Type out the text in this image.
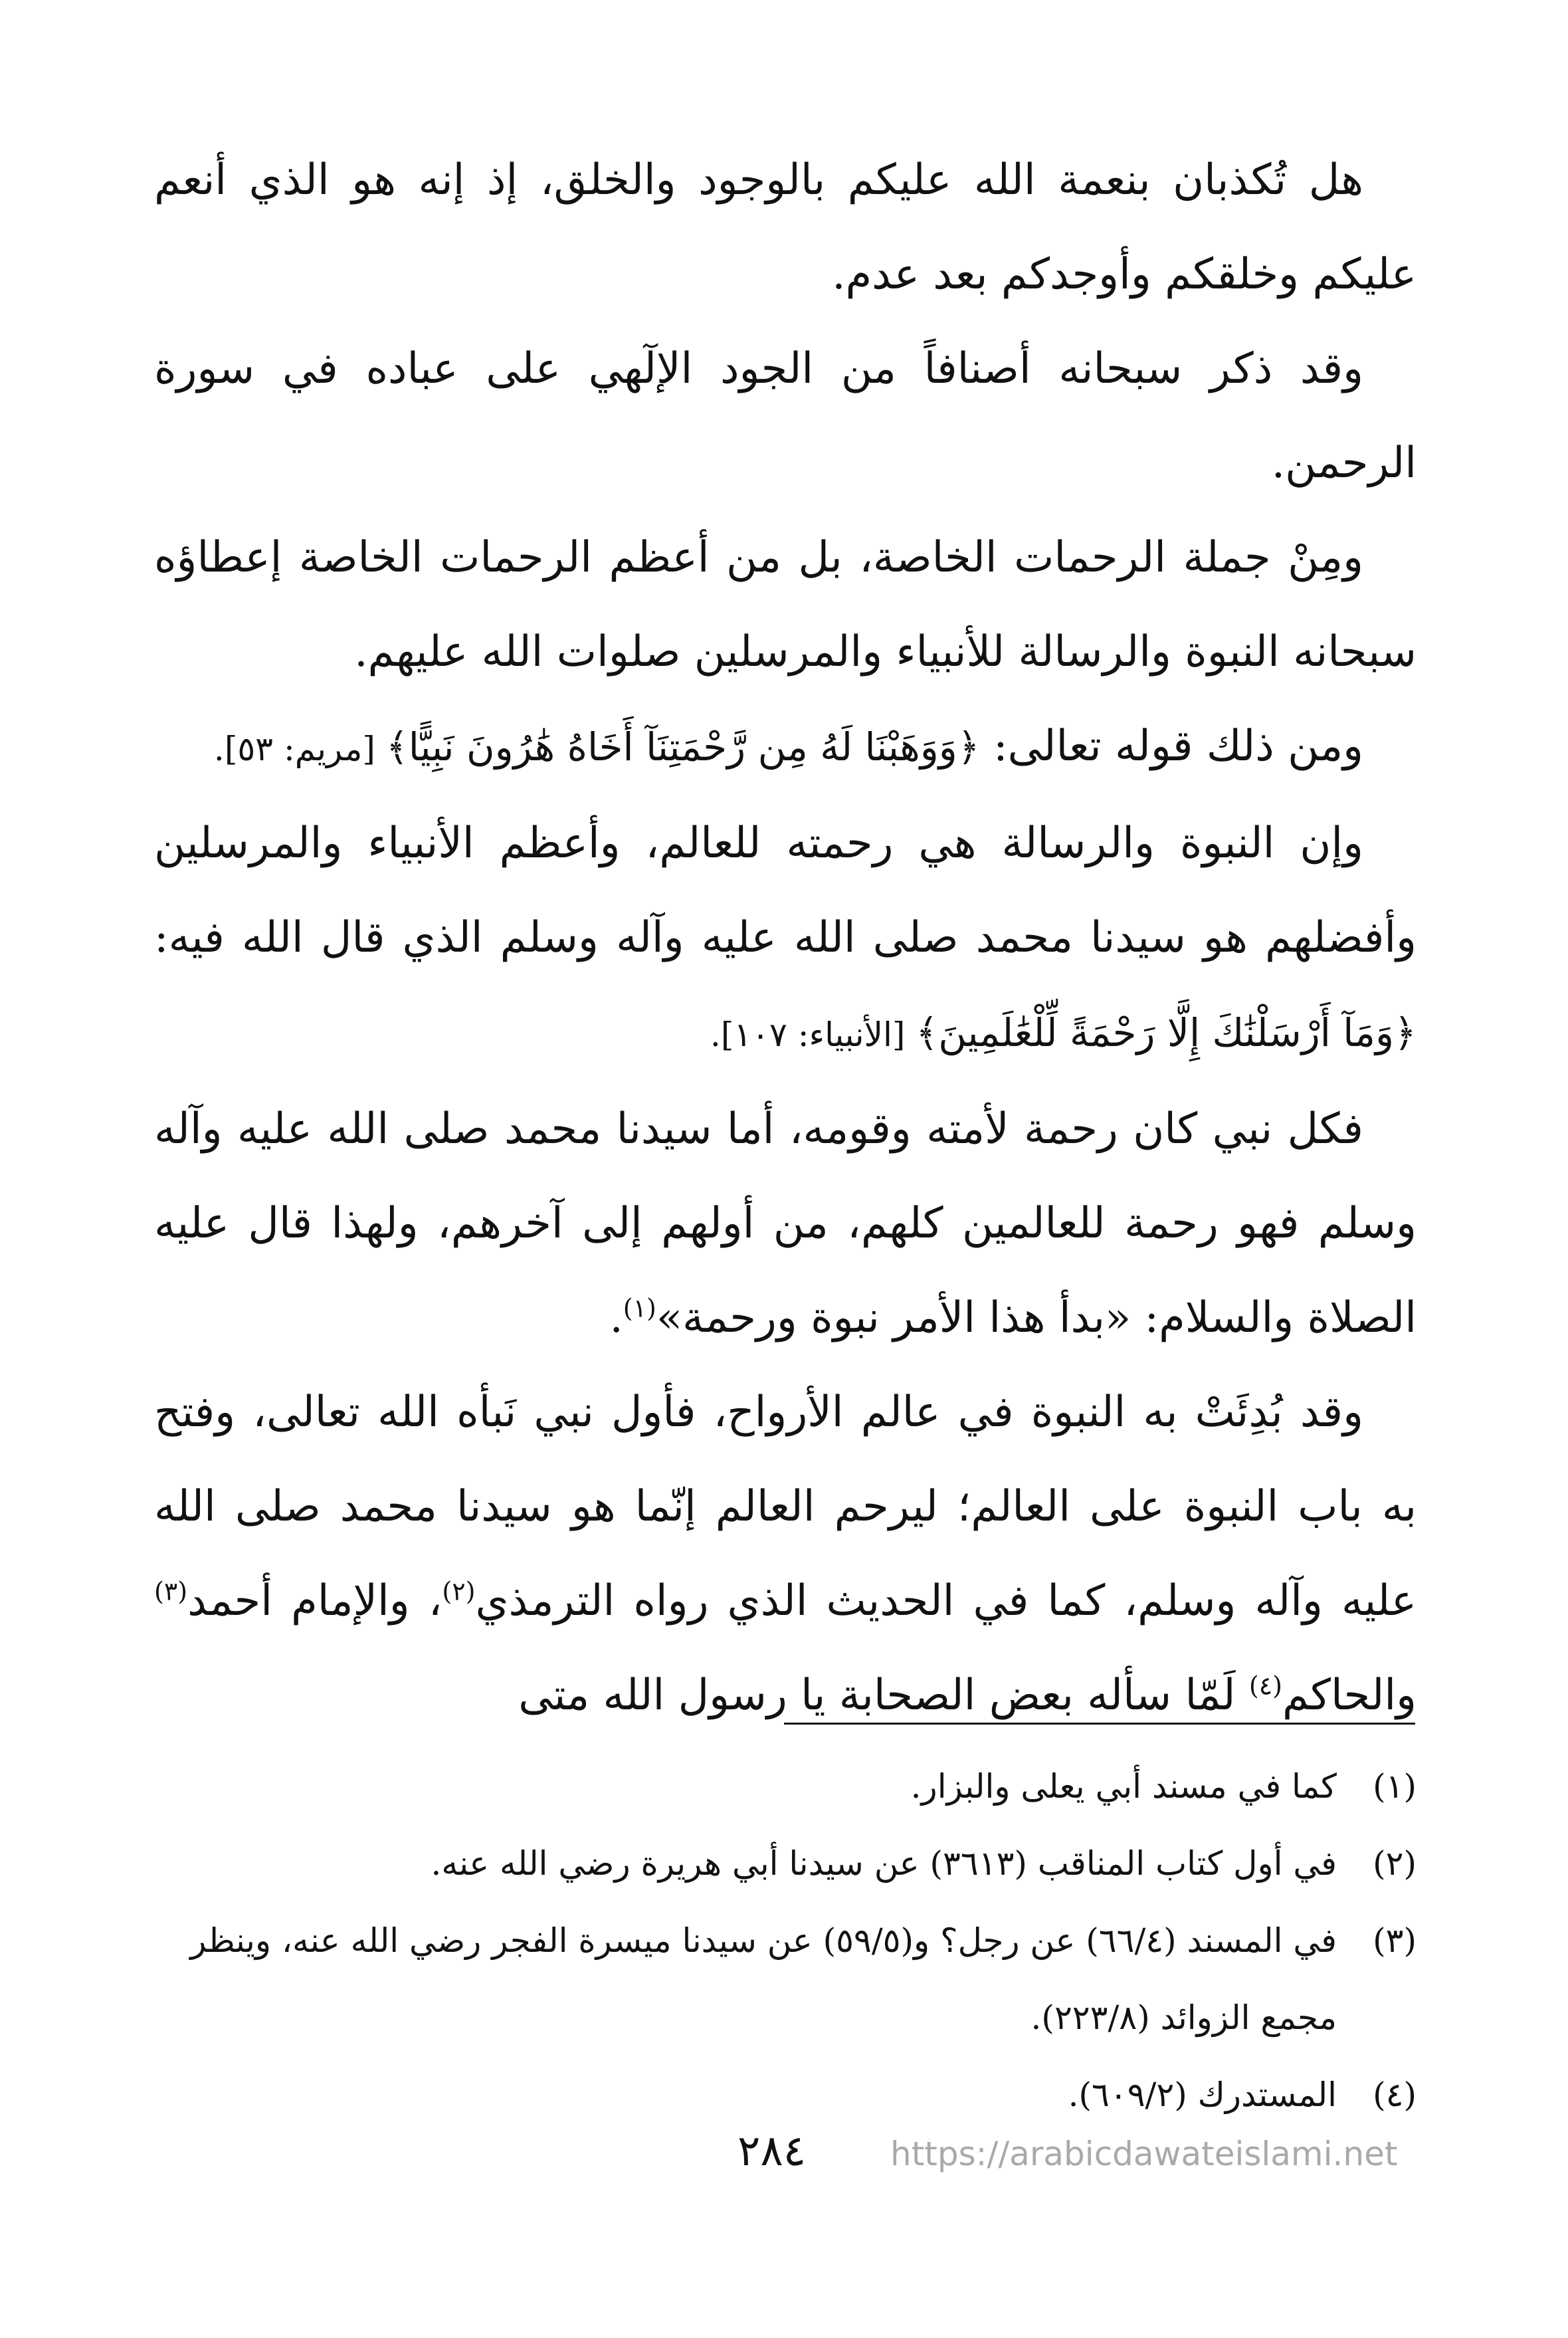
هل تُكذبان بنعمة الله عليكم بالوجود والخلق، إذ إنه هو الذي أنعم عليكم وخلقكم وأوجدكم بعد عدم.

وقد ذكر سبحانه أصنافاً من الجود الإلٓهي على عباده في سورة الرحمن.

ومِنْ جملة الرحمات الخاصة، بل من أعظم الرحمات الخاصة إعطاؤه سبحانه النبوة والرسالة للأنبياء والمرسلين صلوات الله عليهم.

ومن ذلك قوله تعالى: ﴿وَوَهَبْنَا لَهُ مِن رَّحْمَتِنَآ أَخَاهُ هَٰرُونَ نَبِيًّا﴾ [مريم: ٥٣].

وإن النبوة والرسالة هي رحمته للعالم، وأعظم الأنبياء والمرسلين وأفضلهم هو سيدنا محمد صلى الله عليه وآله وسلم الذي قال الله فيه: ﴿وَمَآ أَرْسَلْنَٰكَ إِلَّا رَحْمَةً لِّلْعَٰلَمِينَ﴾ [الأنبياء: ١٠٧].

فكل نبي كان رحمة لأمته وقومه، أما سيدنا محمد صلى الله عليه وآله وسلم فهو رحمة للعالمين كلهم، من أولهم إلى آخرهم، ولهذا قال عليه الصلاة والسلام: «بدأ هذا الأمر نبوة ورحمة»$^{(١)}$.

وقد بُدِئَتْ به النبوة في عالم الأرواح، فأول نبي نَبأه الله تعالى، وفتح به باب النبوة على العالم؛ ليرحم العالم إنّما هو سيدنا محمد صلى الله عليه وآله وسلم، كما في الحديث الذي رواه الترمذي$^{(٢)}$، والإمام أحمد$^{(٣)}$ والحاكم$^{(٤)}$ لَمّا سأله بعض الصحابة يا رسول الله متى

(١)
كما في مسند أبي يعلى والبزار.
(٢)
في أول كتاب المناقب (٣٦١٣) عن سيدنا أبي هريرة رضي الله عنه.
(٣)
في المسند (٦٦/٤) عن رجل؟ و(٥٩/٥) عن سيدنا ميسرة الفجر رضي الله عنه، وينظر مجمع الزوائد (٢٢٣/٨).
(٤)
المستدرك (٦٠٩/٢).
٢٨٤	https://arabicdawateislami.net
